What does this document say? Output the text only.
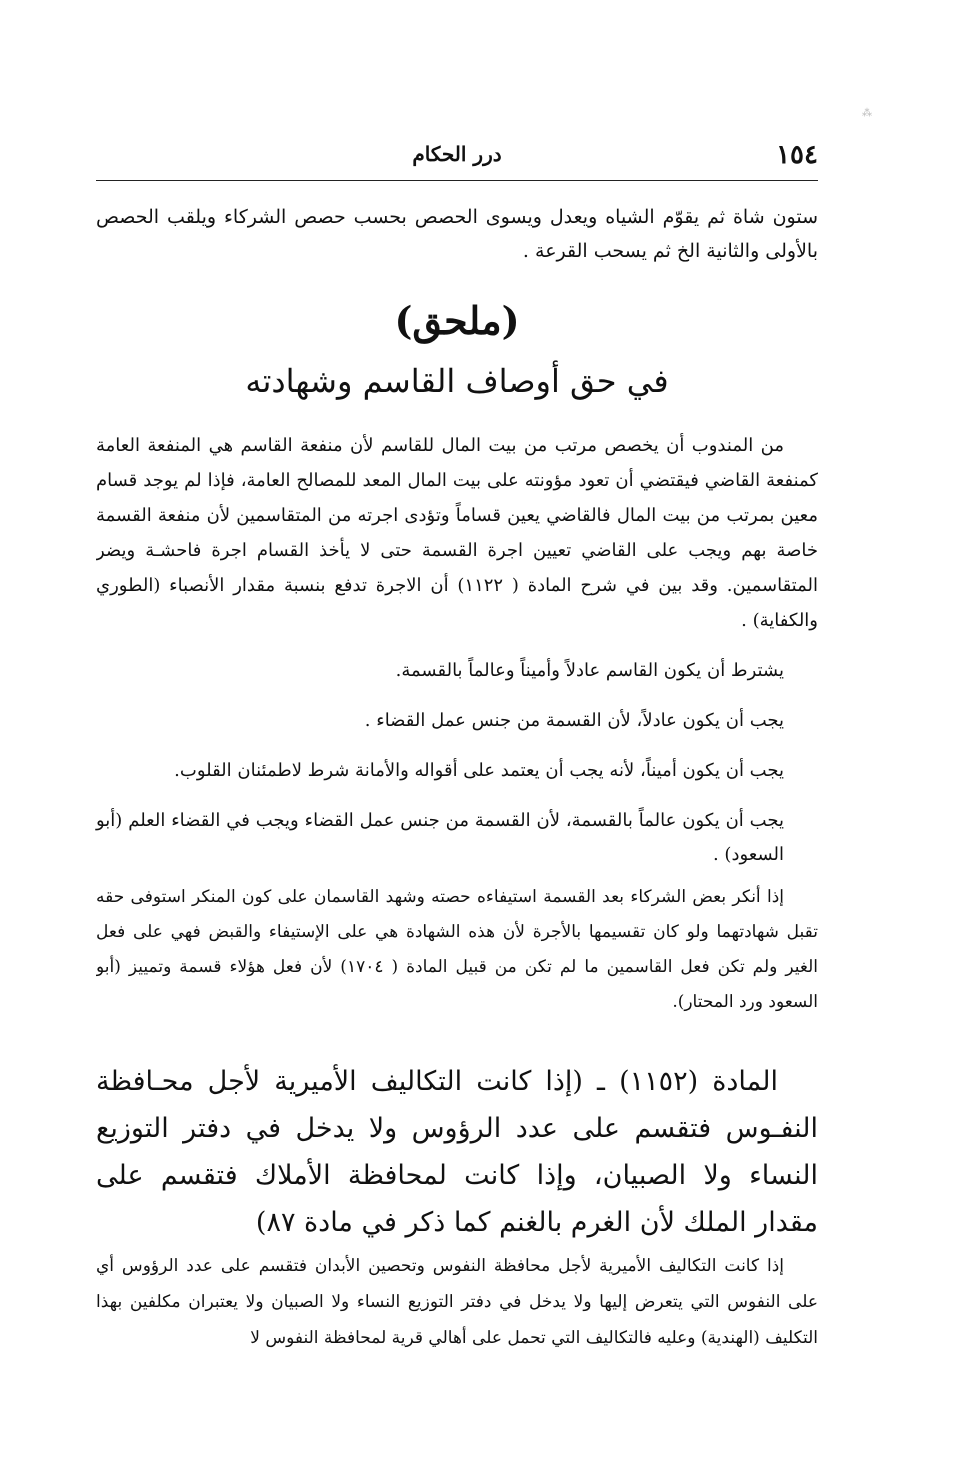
⁂
١٥٤
درر الحكام

ستون شاة ثم يقوّم الشياه ويعدل ويسوى الحصص بحسب حصص الشركاء ويلقب الحصص بالأولى والثانية الخ ثم يسحب القرعة .

(ملحق)
في حق أوصاف القاسم وشهادته

من المندوب أن يخصص مرتب من بيت المال للقاسم لأن منفعة القاسم هي المنفعة العامة كمنفعة القاضي فيقتضي أن تعود مؤونته على بيت المال المعد للمصالح العامة، فإذا لم يوجد قسام معين بمرتب من بيت المال فالقاضي يعين قساماً وتؤدى اجرته من المتقاسمين لأن منفعة القسمة خاصة بهم ويجب على القاضي تعيين اجرة القسمة حتى لا يأخذ القسام اجرة فاحشـة ويضر المتقاسمين. وقد بين في شرح المادة ( ١١٢٢) أن الاجرة تدفع بنسبة مقدار الأنصباء (الطوري والكفاية) .

يشترط أن يكون القاسم عادلاً وأميناً وعالماً بالقسمة.

يجب أن يكون عادلاً، لأن القسمة من جنس عمل القضاء .

يجب أن يكون أميناً، لأنه يجب أن يعتمد على أقواله والأمانة شرط لاطمئنان القلوب.

يجب أن يكون عالماً بالقسمة، لأن القسمة من جنس عمل القضاء ويجب في القضاء العلم (أبو السعود) .

إذا أنكر بعض الشركاء بعد القسمة استيفاءه حصته وشهد القاسمان على كون المنكر استوفى حقه تقبل شهادتهما ولو كان تقسيمها بالأجرة لأن هذه الشهادة هي على الإستيفاء والقبض فهي على فعل الغير ولم تكن فعل القاسمين ما لم تكن من قبيل المادة ( ١٧٠٤) لأن فعل هؤلاء قسمة وتمييز (أبو السعود ورد المحتار).

المادة (١١٥٢) ـ (إذا كانت التكاليف الأميرية لأجل محـافظة النفـوس فتقسم على عدد الرؤوس ولا يدخل في دفتر التوزيع النساء ولا الصبيان، وإذا كانت لمحافظة الأملاك فتقسم على مقدار الملك لأن الغرم بالغنم كما ذكر في مادة ٨٧)

إذا كانت التكاليف الأميرية لأجل محافظة النفوس وتحصين الأبدان فتقسم على عدد الرؤوس أي على النفوس التي يتعرض إليها ولا يدخل في دفتر التوزيع النساء ولا الصبيان ولا يعتبران مكلفين بهذا التكليف (الهندية) وعليه فالتكاليف التي تحمل على أهالي قرية لمحافظة النفوس لا
